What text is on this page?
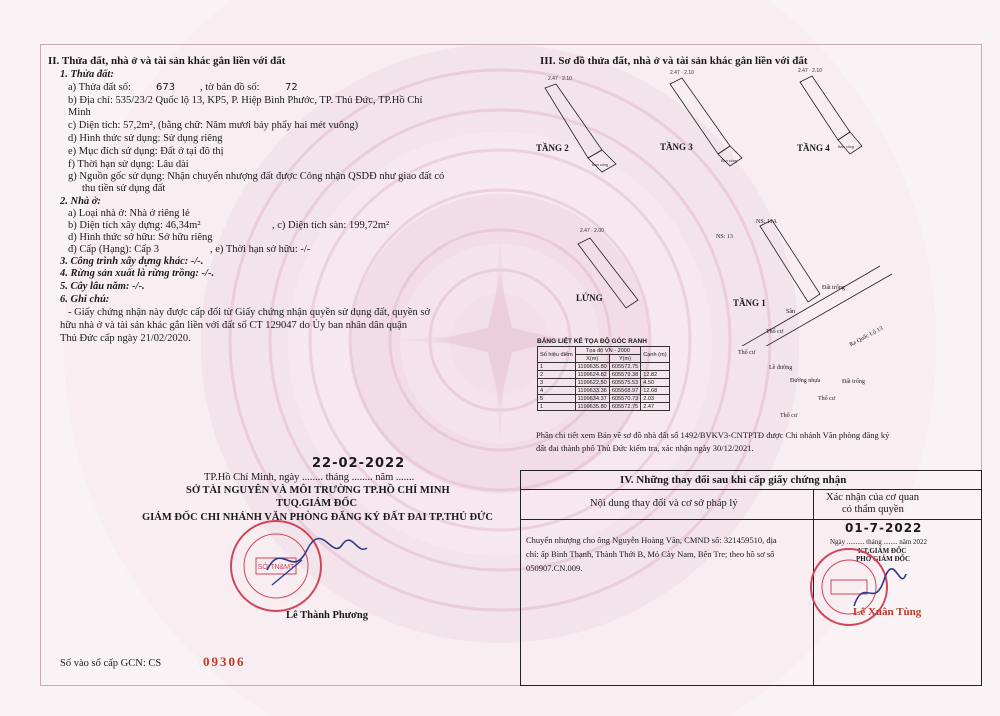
II. Thửa đất, nhà ở và tài sản khác gắn liền với đất
1. Thửa đất:
a) Thửa đất số:	673 , tờ bản đồ số:	72
b) Địa chỉ: 535/23/2 Quốc lộ 13, KP5, P. Hiệp Bình Phước, TP. Thủ Đức, TP.Hồ Chí
Minh
c) Diện tích: 57,2m², (bằng chữ: Năm mươi bảy phẩy hai mét vuông)
d) Hình thức sử dụng: Sử dụng riêng
e) Mục đích sử dụng: Đất ở tại đô thị
f) Thời hạn sử dụng: Lâu dài
g) Nguồn gốc sử dụng: Nhận chuyển nhượng đất được Công nhận QSDĐ như giao đất có
thu tiền sử dụng đất
2. Nhà ở:
a) Loại nhà ở: Nhà ở riêng lẻ
b) Diện tích xây dựng: 46,34m²	, c) Diện tích sàn: 199,72m²
d) Hình thức sở hữu: Sở hữu riêng
đ) Cấp (Hạng): Cấp 3	, e) Thời hạn sở hữu: -/-
3. Công trình xây dựng khác: -/-.
4. Rừng sản xuất là rừng trồng: -/-.
5. Cây lâu năm: -/-.
6. Ghi chú:
- Giấy chứng nhận này được cấp đổi từ Giấy chứng nhận quyền sử dụng đất, quyền sở
hữu nhà ở và tài sản khác gắn liền với đất số CT 129047 do Ủy ban nhân dân quận
Thủ Đức cấp ngày 21/02/2020.
22-02-2022
TP.Hồ Chí Minh, ngày ........ tháng ........ năm .......
SỞ TÀI NGUYÊN VÀ MÔI TRƯỜNG TP.HỒ CHÍ MINH
TUQ.GIÁM ĐỐC
GIÁM ĐỐC CHI NHÁNH VĂN PHÒNG ĐĂNG KÝ ĐẤT ĐAI TP.THỦ ĐỨC
SỞ TN&MT
Lê Thành Phương
Số vào sổ cấp GCN: CS	09306
III. Sơ đồ thửa đất, nhà ở và tài sản khác gắn liền với đất
2.47 · 2.10
2.47 · 2.10	2.47 · 2.10
2.47 · 2.00
Ban công
Ban công
Ban công
TẦNG 2	TẦNG 3	TẦNG 4
LỬNG	TẦNG 1
NS: 11A
NS: 13
Đất trống
Ra Quốc Lộ 13
Sân
Thổ cư
Thổ cư
Lề đường
Đường nhựa	Đất trống
Thổ cư
Thổ cư
BẢNG LIỆT KÊ TỌA ĐỘ GÓC RANH
Số hiệu điểm	Tọa độ VN - 2000		Cạnh (m)
	X(m)	Y(m)	
1	1199635.80	605572.75	
2	1199624.82	605579.38	12.82
3	1199622.50	605575.53	4.50
4	1199633.36	605568.97	12.68
5	1199634.37	605570.73	2.03
1	1199635.80	605572.75	2.47
Phần chi tiết xem Bản vẽ sơ đồ nhà đất số 1492/BVKV3-CNTPTĐ được Chi nhánh Văn phòng đăng ký
đất đai thành phố Thủ Đức kiểm tra, xác nhận ngày 30/12/2021.
IV. Những thay đổi sau khi cấp giấy chứng nhận
Nội dung thay đổi và cơ sở pháp lý
Xác nhận của cơ quan
có thẩm quyền
Chuyển nhượng cho ông Nguyễn Hoàng Văn, CMND số: 321459510, địa
chỉ: ấp Bình Thạnh, Thành Thới B, Mỏ Cày Nam, Bến Tre; theo hồ sơ số
050907.CN.009.
01-7-2022
Ngày .......... tháng ........ năm 2022
KT.GIÁM ĐỐC
PHÓ GIÁM ĐỐC
Lê Xuân Tùng
